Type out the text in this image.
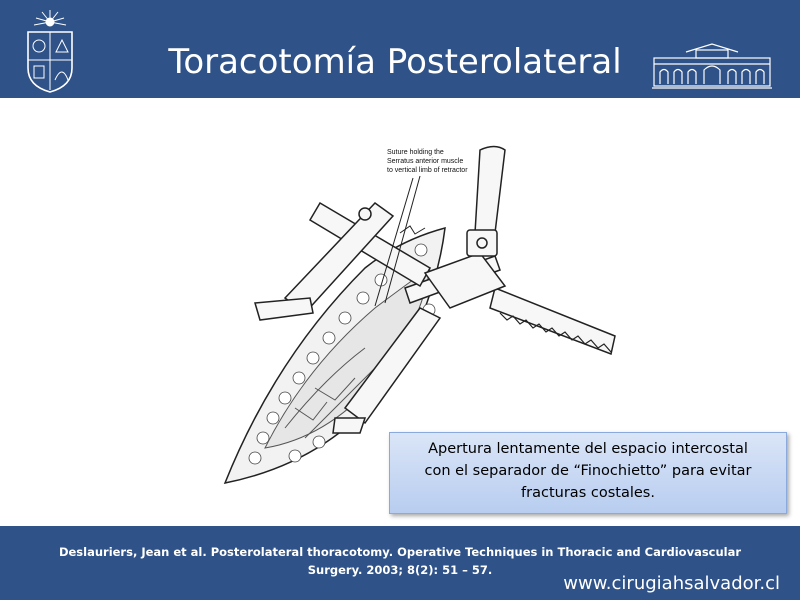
Toracotomía Posterolateral
Suture holding the
Serratus anterior muscle
to vertical limb of retractor
Apertura lentamente del espacio intercostal
con el separador de “Finochietto” para evitar
fracturas costales.
Deslauriers, Jean et al. Posterolateral thoracotomy. Operative Techniques in Thoracic and Cardiovascular
Surgery. 2003; 8(2): 51 – 57.
www.cirugiahsalvador.cl
